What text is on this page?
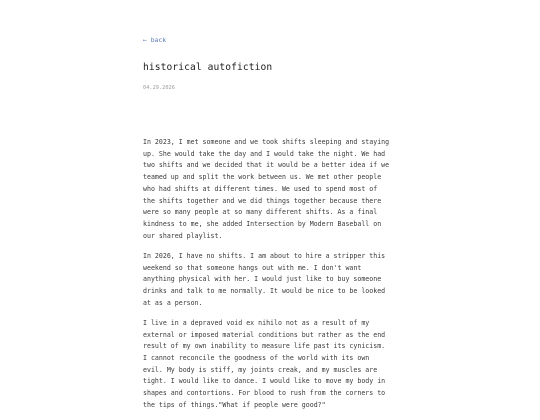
← back
historical autofiction
04.29.2026

In 2023, I met someone and we took shifts sleeping and staying
up. She would take the day and I would take the night. We had
two shifts and we decided that it would be a better idea if we
teamed up and split the work between us. We met other people
who had shifts at different times. We used to spend most of
the shifts together and we did things together because there
were so many people at so many different shifts. As a final
kindness to me, she added Intersection by Modern Baseball on
our shared playlist.

In 2026, I have no shifts. I am about to hire a stripper this
weekend so that someone hangs out with me. I don't want
anything physical with her. I would just like to buy someone
drinks and talk to me normally. It would be nice to be looked
at as a person.

I live in a depraved void ex nihilo not as a result of my
external or imposed material conditions but rather as the end
result of my own inability to measure life past its cynicism.
I cannot reconcile the goodness of the world with its own
evil. My body is stiff, my joints creak, and my muscles are
tight. I would like to dance. I would like to move my body in
shapes and contortions. For blood to rush from the corners to
the tips of things."What if people were good?"
